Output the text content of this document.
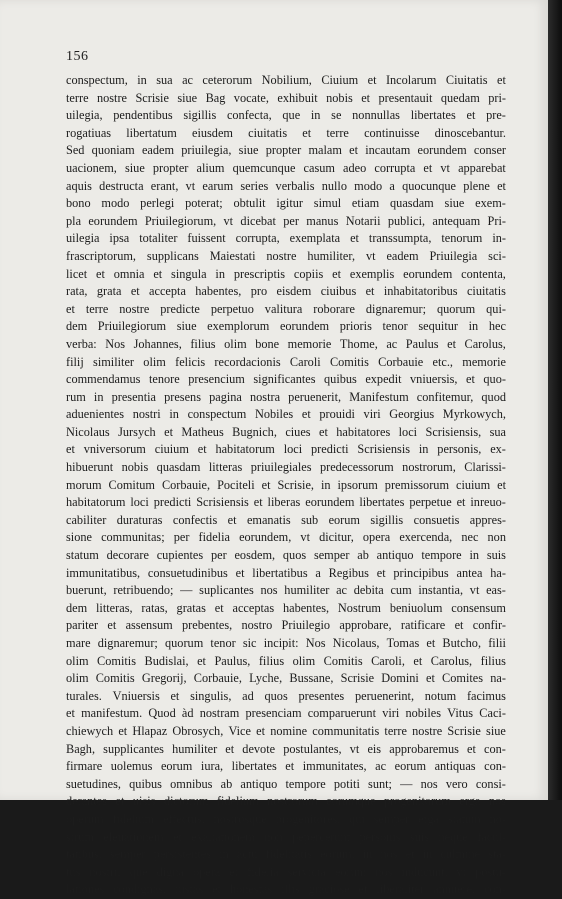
156
conspectum, in sua ac ceterorum Nobilium, Ciuium et Incolarum Ciuitatis et
terre nostre Scrisie siue Bag vocate, exhibuit nobis et presentauit quedam pri-
uilegia, pendentibus sigillis confecta, que in se nonnullas libertates et pre-
rogatiuas libertatum eiusdem ciuitatis et terre continuisse dinoscebantur.
Sed quoniam eadem priuilegia, siue propter malam et incautam eorundem conser
uacionem, siue propter alium quemcunque casum adeo corrupta et vt apparebat
aquis destructa erant, vt earum series verbalis nullo modo a quocunque plene et
bono modo perlegi poterat; obtulit igitur simul etiam quasdam siue exem-
pla eorundem Priuilegiorum, vt dicebat per manus Notarii publici, antequam Pri-
uilegia ipsa totaliter fuissent corrupta, exemplata et transsumpta, tenorum in-
frascriptorum, supplicans Maiestati nostre humiliter, vt eadem Priuilegia sci-
licet et omnia et singula in prescriptis copiis et exemplis eorundem contenta,
rata, grata et accepta habentes, pro eisdem ciuibus et inhabitatoribus ciuitatis
et terre nostre predicte perpetuo valitura roborare dignaremur; quorum qui-
dem Priuilegiorum siue exemplorum eorundem prioris tenor sequitur in hec
verba: Nos Johannes, filius olim bone memorie Thome, ac Paulus et Carolus,
filij similiter olim felicis recordacionis Caroli Comitis Corbauie etc., memorie
commendamus tenore presencium significantes quibus expedit vniuersis, et quo-
rum in presentia presens pagina nostra peruenerit, Manifestum confitemur, quod
aduenientes nostri in conspectum Nobiles et prouidi viri Georgius Myrkowych,
Nicolaus Jursych et Matheus Bugnich, ciues et habitatores loci Scrisiensis, sua
et vniversorum ciuium et habitatorum loci predicti Scrisiensis in personis, ex-
hibuerunt nobis quasdam litteras priuilegiales predecessorum nostrorum, Clarissi-
morum Comitum Corbauie, Pociteli et Scrisie, in ipsorum premissorum ciuium et
habitatorum loci predicti Scrisiensis et liberas eorundem libertates perpetue et inreuo-
cabiliter duraturas confectis et emanatis sub eorum sigillis consuetis appres-
sione communitas; per fidelia eorundem, vt dicitur, opera exercenda, nec non
statum decorare cupientes per eosdem, quos semper ab antiquo tempore in suis
immunitatibus, consuetudinibus et libertatibus a Regibus et principibus antea ha-
buerunt, retribuendo; — suplicantes nos humiliter ac debita cum instantia, vt eas-
dem litteras, ratas, gratas et acceptas habentes, Nostrum beniuolum consensum
pariter et assensum prebentes, nostro Priuilegio approbare, ratificare et confir-
mare dignaremur; quorum tenor sic incipit: Nos Nicolaus, Tomas et Butcho, filii
olim Comitis Budislai, et Paulus, filius olim Comitis Caroli, et Carolus, filius
olim Comitis Gregorij, Corbauie, Lyche, Bussane, Scrisie Domini et Comites na-
turales. Vniuersis et singulis, ad quos presentes peruenerint, notum facimus
et manifestum. Quod àd nostram presenciam comparuerunt viri nobiles Vitus Caci-
chiewych et Hlapaz Obrosych, Vice et nomine communitatis terre nostre Scrisie siue
Bagh, supplicantes humiliter et devote postulantes, vt eis approbaremus et con-
firmare uolemus eorum iura, libertates et immunitates, ac eorum antiquas con-
suetudines, quibus omnibus ab antiquo tempore potiti sunt; — nos vero consi-
derantes et uisis dictorum fidelium nostrorum eorumque progenitorum erga nos
operum fidelium effectus, nostrosque progenitores, qui semper erga statum no-
strum eleuationem et exaltationem non pepercerunt personis suis neque facul-
tatibus, semper persistentes in actu fidelitatis eorum, in nos et in culmine sta-
tus nostri; que digna opera et fidelia servicia eorum nos inducunt, vt postu-
lationes condignas, iustas et honestas illis graciose et liberaliter annuere, con-
